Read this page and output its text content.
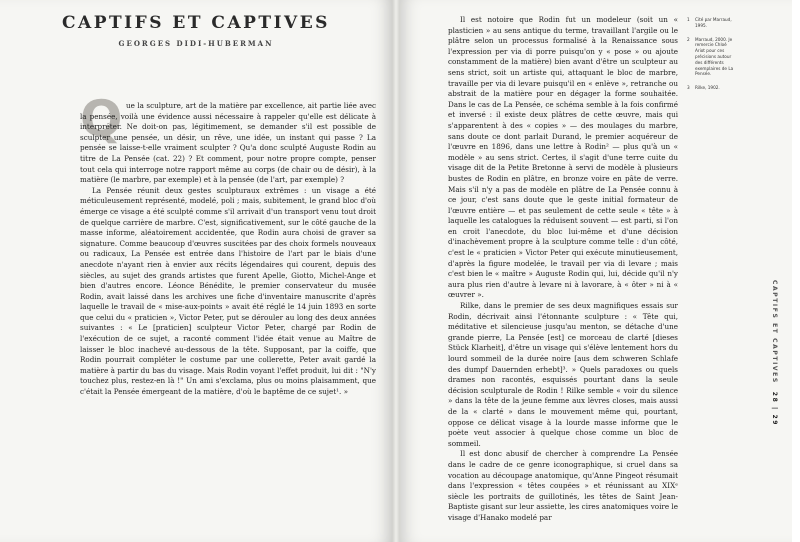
CAPTIFS ET CAPTIVES
GEORGES DIDI-HUBERMAN
Q ue la sculpture, art de la matière par excellence, ait partie liée avec la pensée, voilà une évidence aussi nécessaire à rappeler qu'elle est délicate à interpréter. Ne doit-on pas, légitimement, se demander s'il est possible de sculpter une pensée, un désir, un rêve, une idée, un instant qui passe ? La pensée se laisse-t-elle vraiment sculpter ? Qu'a donc sculpté Auguste Rodin au titre de La Pensée (cat. 22) ? Et comment, pour notre propre compte, penser tout cela qui interroge notre rapport même au corps (de chair ou de désir), à la matière (le marbre, par exemple) et à la pensée (de l'art, par exemple) ?

La Pensée réunit deux gestes sculpturaux extrêmes : un visage a été méticuleusement représenté, modelé, poli ; mais, subitement, le grand bloc d'où émerge ce visage a été sculpté comme s'il arrivait d'un transport venu tout droit de quelque carrière de marbre. C'est, significativement, sur le côté gauche de la masse informe, aléatoirement accidentée, que Rodin aura choisi de graver sa signature. Comme beaucoup d'œuvres suscitées par des choix formels nouveaux ou radicaux, La Pensée est entrée dans l'histoire de l'art par le biais d'une anecdote n'ayant rien à envier aux récits légendaires qui courent, depuis des siècles, au sujet des grands artistes que furent Apelle, Giotto, Michel-Ange et bien d'autres encore. Léonce Bénédite, le premier conservateur du musée Rodin, avait laissé dans les archives une fiche d'inventaire manuscrite d'après laquelle le travail de « mise-aux-points » avait été réglé le 14 juin 1893 en sorte que celui du « praticien », Victor Peter, put se dérouler au long des deux années suivantes : « Le [praticien] sculpteur Victor Peter, chargé par Rodin de l'exécution de ce sujet, a raconté comment l'idée était venue au Maître de laisser le bloc inachevé au-dessous de la tête. Supposant, par la coiffe, que Rodin pourrait compléter le costume par une collerette, Peter avait gardé la matière à partir du bas du visage. Mais Rodin voyant l'effet produit, lui dit : "N'y touchez plus, restez-en là !" Un ami s'exclama, plus ou moins plaisamment, que c'était la Pensée émergeant de la matière, d'où le baptême de ce sujet¹. »

Il est notoire que Rodin fut un modeleur (soit un « plasticien » au sens antique du terme, travaillant l'argile ou le plâtre selon un processus formalisé à la Renaissance sous l'expression per via di porre puisqu'on y « pose » ou ajoute constamment de la matière) bien avant d'être un sculpteur au sens strict, soit un artiste qui, attaquant le bloc de marbre, travaille per via di levare puisqu'il en « enlève », retranche ou abstrait de la matière pour en dégager la forme souhaitée. Dans le cas de La Pensée, ce schéma semble à la fois confirmé et inversé : il existe deux plâtres de cette œuvre, mais qui s'apparentent à des « copies » — des moulages du marbre, sans doute ce dont parlait Durand, le premier acquéreur de l'œuvre en 1896, dans une lettre à Rodin² — plus qu'à un « modèle » au sens strict. Certes, il s'agit d'une terre cuite du visage dit de la Petite Bretonne à servi de modèle à plusieurs bustes de Rodin en plâtre, en bronze voire en pâte de verre. Mais s'il n'y a pas de modèle en plâtre de La Pensée connu à ce jour, c'est sans doute que le geste initial formateur de l'œuvre entière — et pas seulement de cette seule « tête » à laquelle les catalogues la réduisent souvent — est parti, si l'on en croit l'anecdote, du bloc lui-même et d'une décision d'inachèvement propre à la sculpture comme telle : d'un côté, c'est le « praticien » Victor Peter qui exécute minutieusement, d'après la figure modelée, le travail per via di levare ; mais c'est bien le « maître » Auguste Rodin qui, lui, décide qu'il n'y aura plus rien d'autre à levare ni à lavorare, à « ôter » ni à « œuvrer ».

Rilke, dans le premier de ses deux magnifiques essais sur Rodin, décrivait ainsi l'étonnante sculpture : « Tête qui, méditative et silencieuse jusqu'au menton, se détache d'une grande pierre, La Pensée [est] ce morceau de clarté [dieses Stück Klarheit], d'être un visage qui s'élève lentement hors du lourd sommeil de la durée noire [aus dem schweren Schlafe des dumpf Dauernden erhebt]³. » Quels paradoxes ou quels drames non racontés, esquissés pourtant dans la seule décision sculpturale de Rodin ! Rilke semble « voir du silence » dans la tête de la jeune femme aux lèvres closes, mais aussi de la « clarté » dans le mouvement même qui, pourtant, oppose ce délicat visage à la lourde masse informe que le poète veut associer à quelque chose comme un bloc de sommeil.

Il est donc abusif de chercher à comprendre La Pensée dans le cadre de ce genre iconographique, si cruel dans sa vocation au découpage anatomique, qu'Anne Pingeot résumait dans l'expression « têtes coupées » et réunissant au XIXᵉ siècle les portraits de guillotinés, les têtes de Saint Jean-Baptiste gisant sur leur assiette, les cires anatomiques voire le visage d'Hanako modelé par

1	Cité par Marraud, 1995.
2	Marraud, 2000. Je remercie Chloé Ariot pour ces précisions autour des différents exemplaires de La Pensée.
3	Rilke, 1902.
CAPTIFS ET CAPTIVES28 | 29
